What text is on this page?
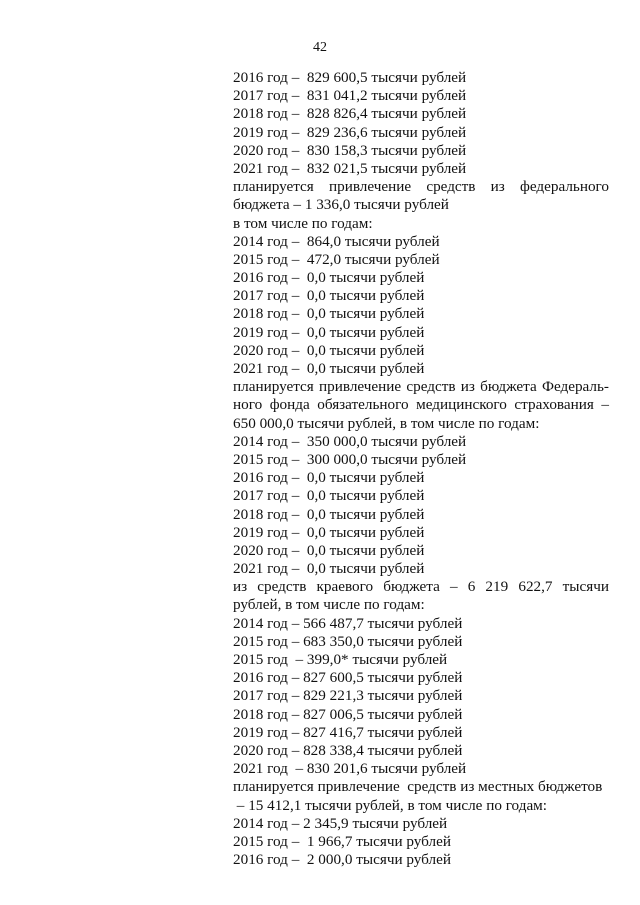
42
2016 год –  829 600,5 тысячи рублей
2017 год –  831 041,2 тысячи рублей
2018 год –  828 826,4 тысячи рублей
2019 год –  829 236,6 тысячи рублей
2020 год –  830 158,3 тысячи рублей
2021 год –  832 021,5 тысячи рублей
планируется привлечение средств из федерального
бюджета – 1 336,0 тысячи рублей
в том числе по годам:
2014 год –  864,0 тысячи рублей
2015 год –  472,0 тысячи рублей
2016 год –  0,0 тысячи рублей
2017 год –  0,0 тысячи рублей
2018 год –  0,0 тысячи рублей
2019 год –  0,0 тысячи рублей
2020 год –  0,0 тысячи рублей
2021 год –  0,0 тысячи рублей
планируется привлечение средств из бюджета Федераль-
ного фонда обязательного медицинского страхования –
650 000,0 тысячи рублей, в том числе по годам:
2014 год –  350 000,0 тысячи рублей
2015 год –  300 000,0 тысячи рублей
2016 год –  0,0 тысячи рублей
2017 год –  0,0 тысячи рублей
2018 год –  0,0 тысячи рублей
2019 год –  0,0 тысячи рублей
2020 год –  0,0 тысячи рублей
2021 год –  0,0 тысячи рублей
из средств краевого бюджета – 6 219 622,7 тысячи
рублей, в том числе по годам:
2014 год – 566 487,7 тысячи рублей
2015 год – 683 350,0 тысячи рублей
2015 год  – 399,0* тысячи рублей
2016 год – 827 600,5 тысячи рублей
2017 год – 829 221,3 тысячи рублей
2018 год – 827 006,5 тысячи рублей
2019 год – 827 416,7 тысячи рублей
2020 год – 828 338,4 тысячи рублей
2021 год  – 830 201,6 тысячи рублей
планируется привлечение  средств из местных бюджетов
– 15 412,1 тысячи рублей, в том числе по годам:
2014 год – 2 345,9 тысячи рублей
2015 год –  1 966,7 тысячи рублей
2016 год –  2 000,0 тысячи рублей
